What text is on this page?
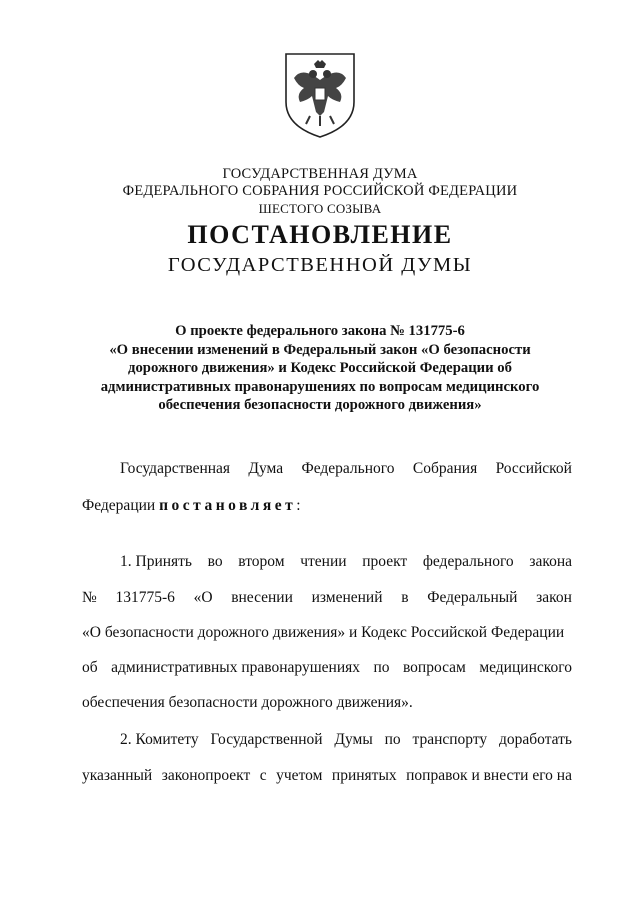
ГОСУДАРСТВЕННАЯ ДУМА
ФЕДЕРАЛЬНОГО СОБРАНИЯ РОССИЙСКОЙ ФЕДЕРАЦИИ
ШЕСТОГО СОЗЫВА
ПОСТАНОВЛЕНИЕ
ГОСУДАРСТВЕННОЙ ДУМЫ
О проекте федерального закона № 131775-6
«О внесении изменений в Федеральный закон «О безопасности
дорожного движения» и Кодекс Российской Федерации об
административных правонарушениях по вопросам медицинского
обеспечения безопасности дорожного движения»
Государственная Дума Федерального Собрания Российской
Федерации постановляет:
1. Принять во втором чтении проект федерального закона
№ 131775-6 «О внесении изменений в Федеральный закон
«О безопасности дорожного движения» и Кодекс Российской Федерации
об административных правонарушениях по вопросам медицинского
обеспечения безопасности дорожного движения».
2. Комитету Государственной Думы по транспорту доработать
указанный законопроект с учетом принятых поправок и внести его на
